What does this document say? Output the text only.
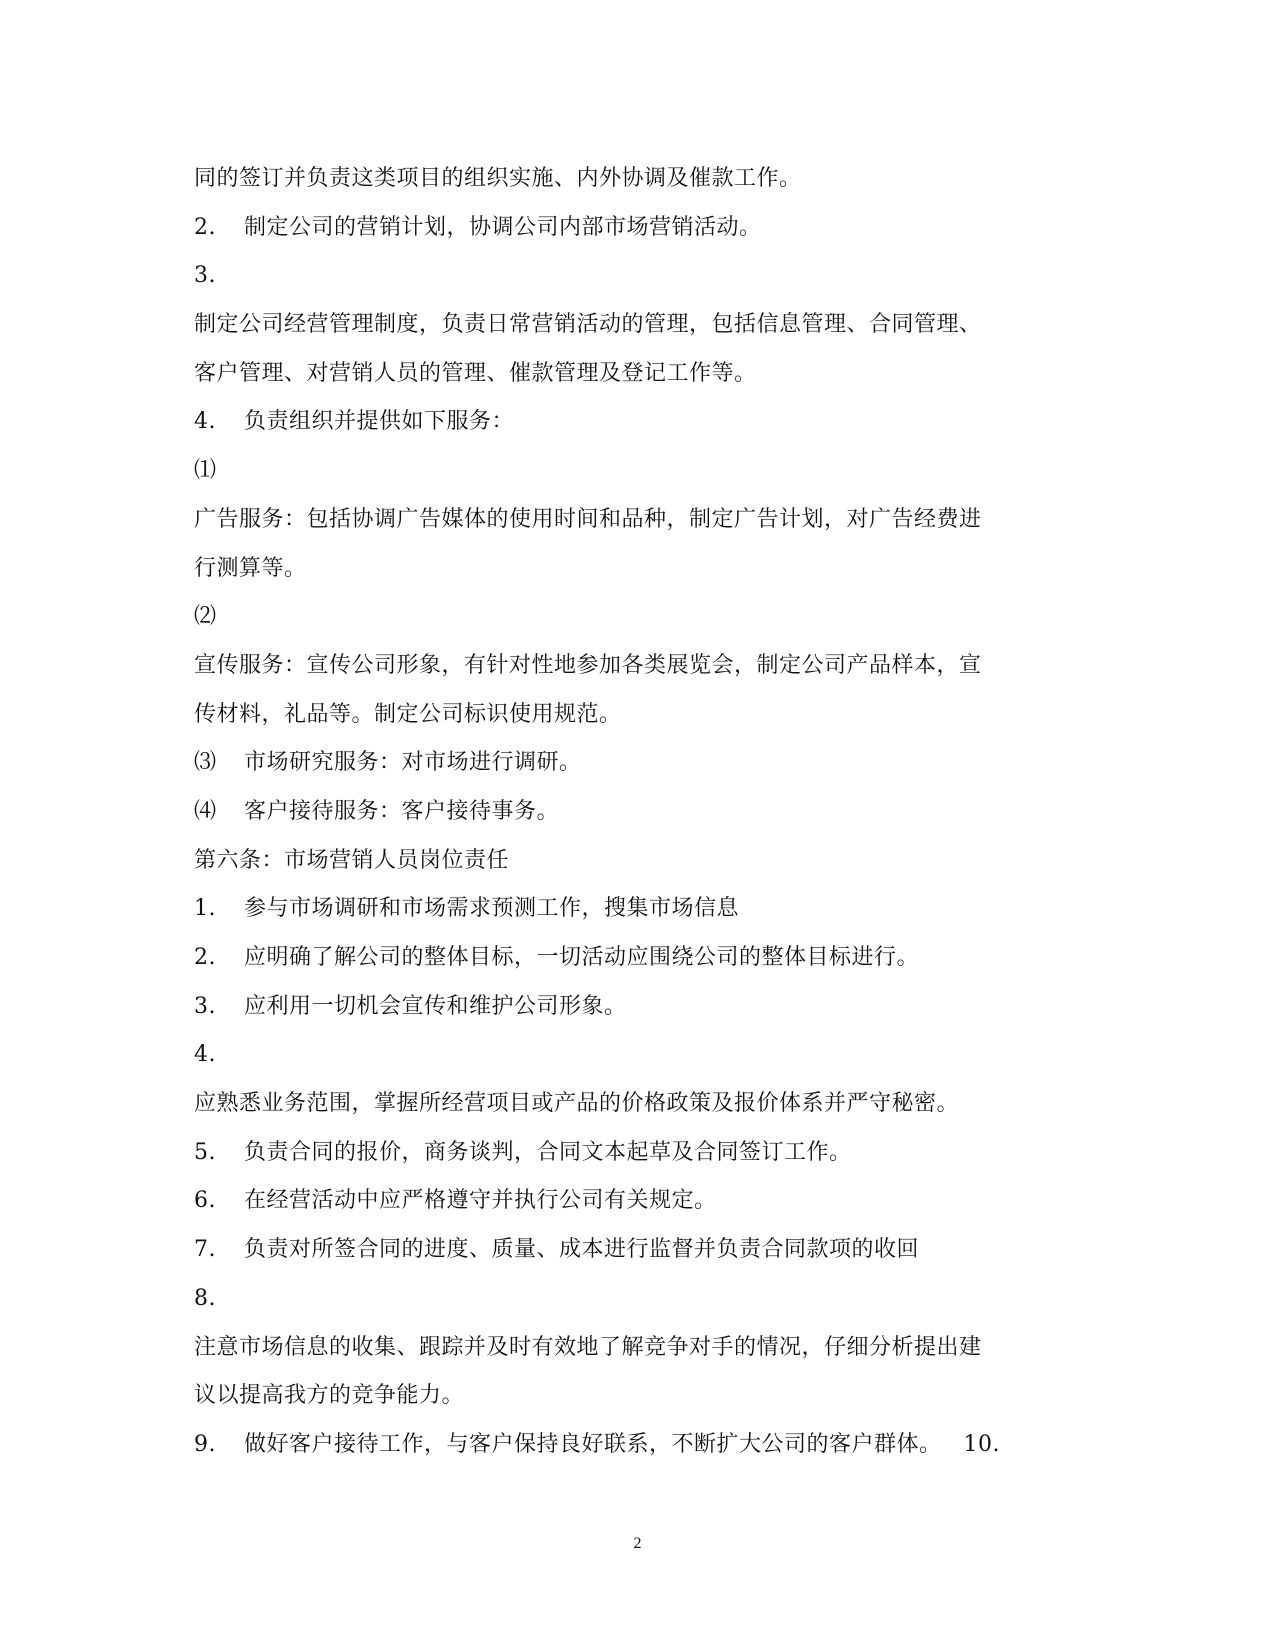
同的签订并负责这类项目的组织实施、内外协调及催款工作。
2. 制定公司的营销计划，协调公司内部市场营销活动。
3.
制定公司经营管理制度，负责日常营销活动的管理，包括信息管理、合同管理、
客户管理、对营销人员的管理、催款管理及登记工作等。
4. 负责组织并提供如下服务：
⑴
广告服务：包括协调广告媒体的使用时间和品种，制定广告计划，对广告经费进
行测算等。
⑵
宣传服务：宣传公司形象，有针对性地参加各类展览会，制定公司产品样本，宣
传材料，礼品等。制定公司标识使用规范。
⑶ 市场研究服务：对市场进行调研。
⑷ 客户接待服务：客户接待事务。
第六条：市场营销人员岗位责任
1. 参与市场调研和市场需求预测工作，搜集市场信息
2. 应明确了解公司的整体目标，一切活动应围绕公司的整体目标进行。
3. 应利用一切机会宣传和维护公司形象。
4.
应熟悉业务范围，掌握所经营项目或产品的价格政策及报价体系并严守秘密。
5. 负责合同的报价，商务谈判，合同文本起草及合同签订工作。
6. 在经营活动中应严格遵守并执行公司有关规定。
7. 负责对所签合同的进度、质量、成本进行监督并负责合同款项的收回
8.
注意市场信息的收集、跟踪并及时有效地了解竞争对手的情况，仔细分析提出建
议以提高我方的竞争能力。
9. 做好客户接待工作，与客户保持良好联系，不断扩大公司的客户群体。 10.
2
